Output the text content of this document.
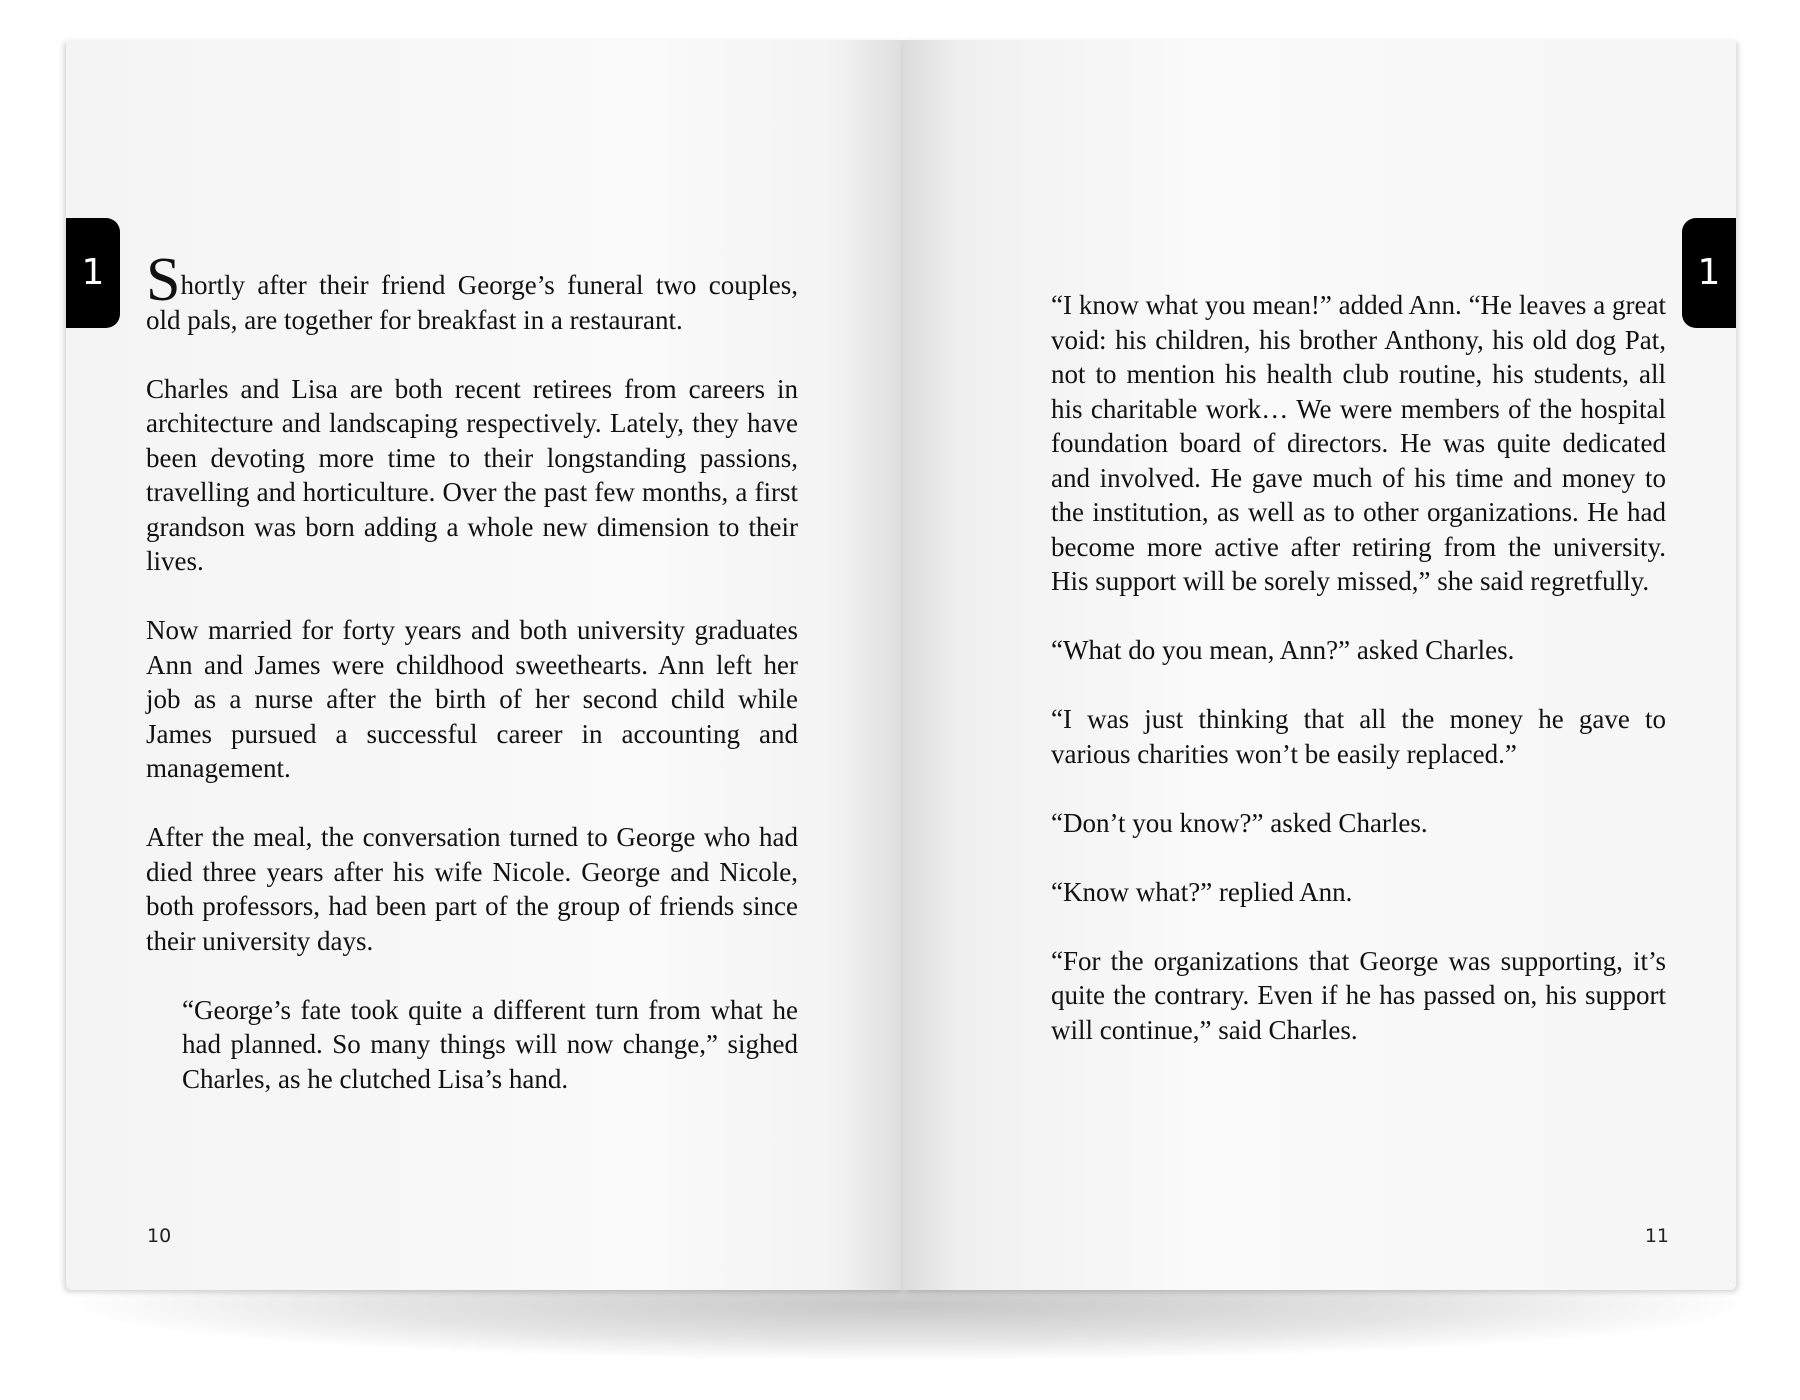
1 Shortly after their friend George’s funeral two couples, old pals, are together for breakfast in a restaurant.

Charles and Lisa are both recent retirees from careers in architecture and landscaping respectively. Lately, they have been devoting more time to their longstanding passions, travelling and horticulture. Over the past few months, a first grandson was born adding a whole new dimension to their lives.

Now married for forty years and both university graduates Ann and James were childhood sweethearts. Ann left her job as a nurse after the birth of her second child while James pursued a successful career in accounting and management.

After the meal, the conversation turned to George who had died three years after his wife Nicole. George and Nicole, both professors, had been part of the group of friends since their university days.

“George’s fate took quite a different turn from what he had planned. So many things will now change,” sighed Charles, as he clutched Lisa’s hand.

10
1

“I know what you mean!” added Ann. “He leaves a great void: his children, his brother Anthony, his old dog Pat, not to mention his health club routine, his students, all his charitable work… We were members of the hospital foundation board of directors. He was quite dedicated and involved. He gave much of his time and money to the institution, as well as to other organizations. He had become more active after retiring from the university. His support will be sorely missed,” she said regretfully.

“What do you mean, Ann?” asked Charles.

“I was just thinking that all the money he gave to various charities won’t be easily replaced.”

“Don’t you know?” asked Charles.

“Know what?” replied Ann.

“For the organizations that George was supporting, it’s quite the contrary. Even if he has passed on, his support will continue,” said Charles.

11
